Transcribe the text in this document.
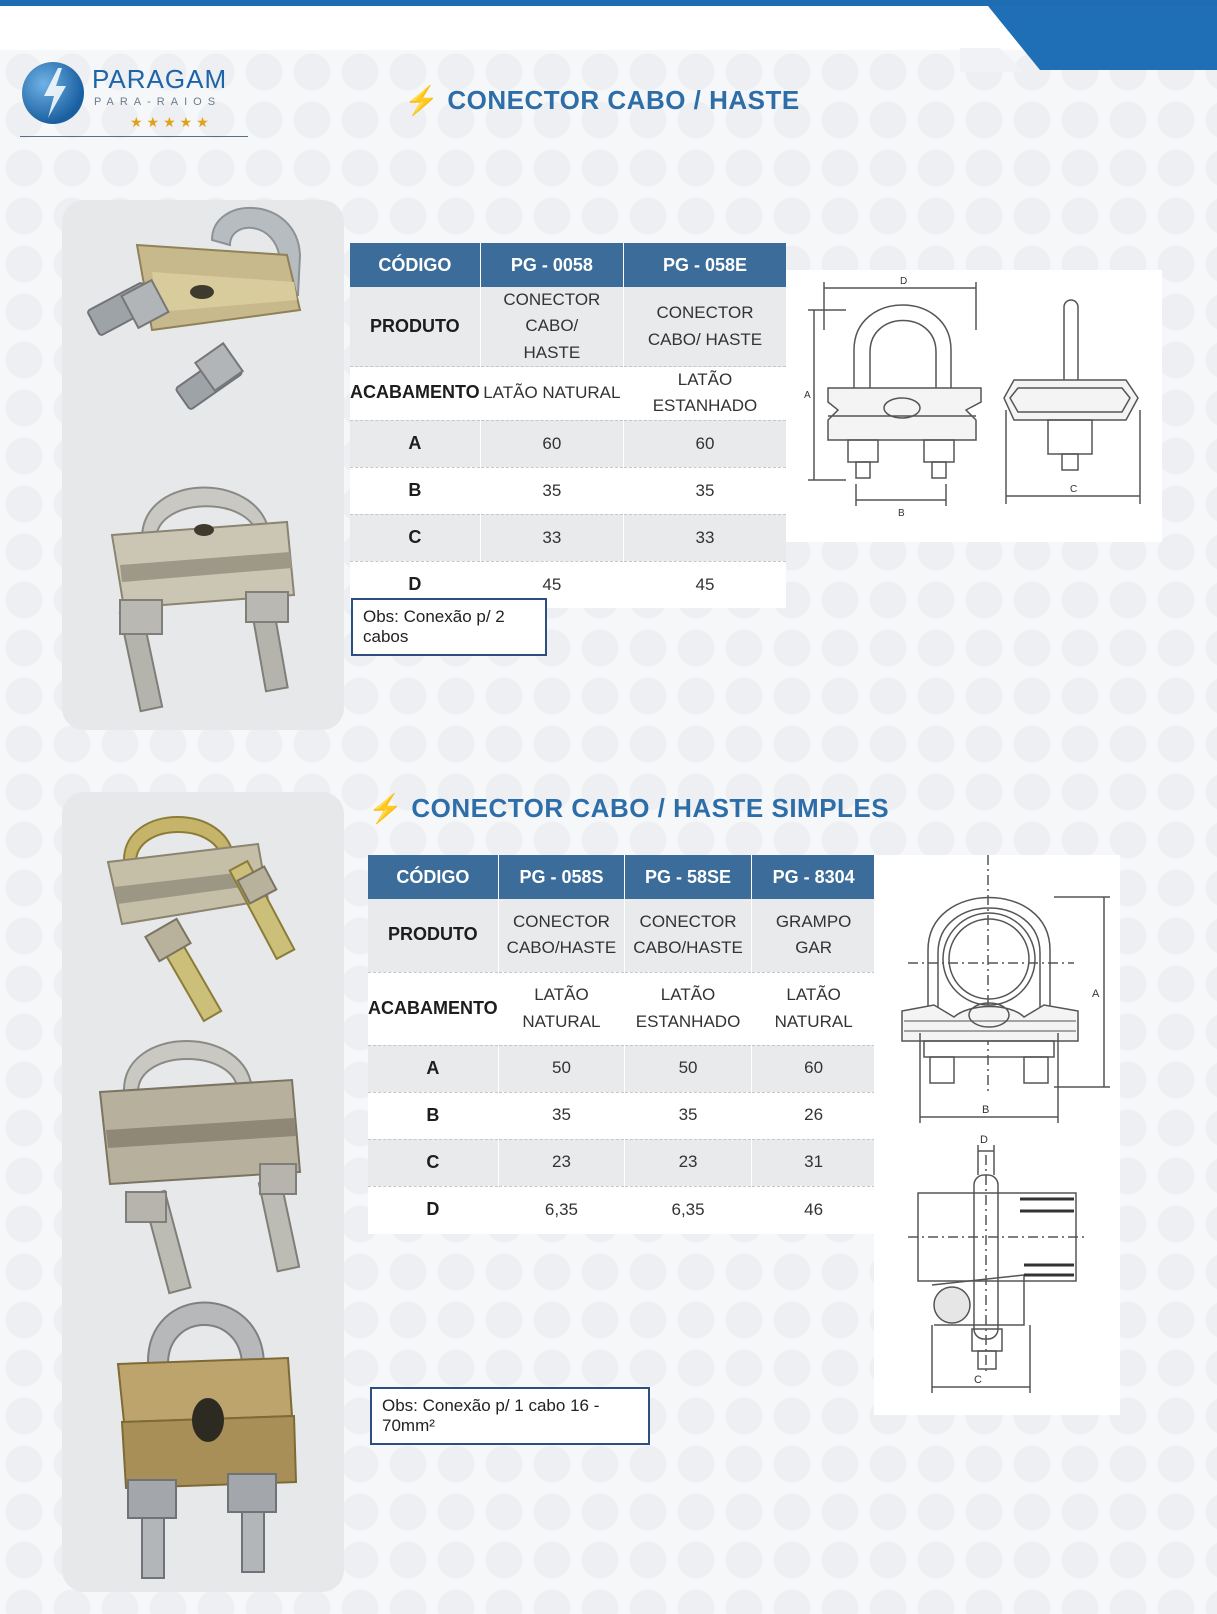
PARAGAM
PARA-RAIOS
★★★★★
⚡ CONECTOR CABO / HASTE
CÓDIGO	PG - 0058	PG - 058E
PRODUTO	CONECTOR CABO/ HASTE	CONECTOR CABO/ HASTE
ACABAMENTO	LATÃO NATURAL	LATÃO ESTANHADO
A	60	60
B	35	35
C	33	33
D	45	45
Obs: Conexão p/ 2 cabos
D
A
B
C
⚡ CONECTOR CABO / HASTE SIMPLES
CÓDIGO	PG - 058S	PG - 58SE	PG - 8304
PRODUTO	CONECTOR CABO/HASTE	CONECTOR CABO/HASTE	GRAMPO GAR
ACABAMENTO	LATÃO NATURAL	LATÃO ESTANHADO	LATÃO NATURAL
A	50	50	60
B	35	35	26
C	23	23	31
D	6,35	6,35	46
Obs: Conexão p/ 1 cabo 16 - 70mm²
A
B
D
C
